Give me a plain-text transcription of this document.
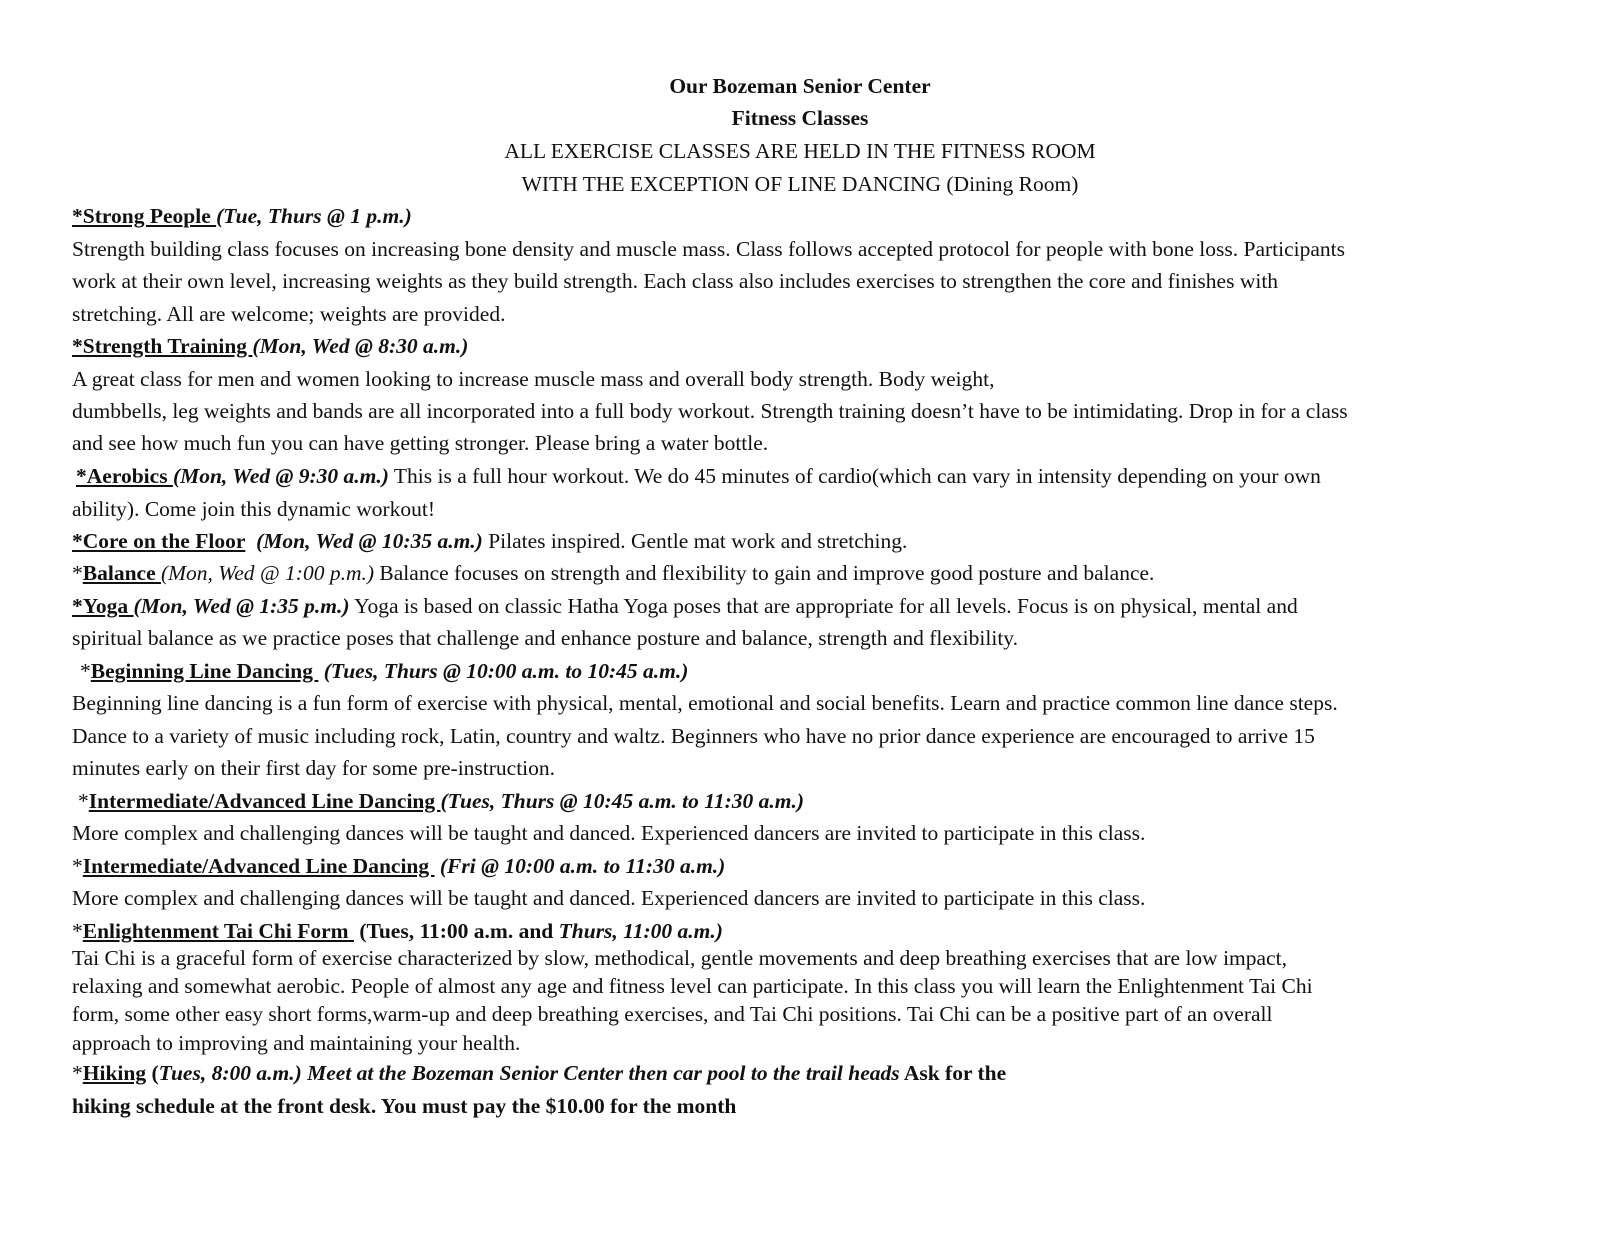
Our Bozeman Senior Center
Fitness Classes
ALL EXERCISE CLASSES ARE HELD IN THE FITNESS ROOM
WITH THE EXCEPTION OF LINE DANCING (Dining Room)
*Strong People (Tue, Thurs @ 1 p.m.)
Strength building class focuses on increasing bone density and muscle mass. Class follows accepted protocol for people with bone loss. Participants
work at their own level, increasing weights as they build strength. Each class also includes exercises to strengthen the core and finishes with
stretching. All are welcome; weights are provided.
*Strength Training (Mon, Wed @ 8:30 a.m.)
A great class for men and women looking to increase muscle mass and overall body strength. Body weight,
dumbbells, leg weights and bands are all incorporated into a full body workout. Strength training doesn’t have to be intimidating. Drop in for a class
and see how much fun you can have getting stronger. Please bring a water bottle.
*Aerobics (Mon, Wed @ 9:30 a.m.) This is a full hour workout. We do 45 minutes of cardio(which can vary in intensity depending on your own
ability). Come join this dynamic workout!
*Core on the Floor (Mon, Wed @ 10:35 a.m.) Pilates inspired. Gentle mat work and stretching.
*Balance (Mon, Wed @ 1:00 p.m.) Balance focuses on strength and flexibility to gain and improve good posture and balance.
*Yoga (Mon, Wed @ 1:35 p.m.) Yoga is based on classic Hatha Yoga poses that are appropriate for all levels. Focus is on physical, mental and
spiritual balance as we practice poses that challenge and enhance posture and balance, strength and flexibility.
*Beginning Line Dancing  (Tues, Thurs @ 10:00 a.m. to 10:45 a.m.)
Beginning line dancing is a fun form of exercise with physical, mental, emotional and social benefits. Learn and practice common line dance steps.
Dance to a variety of music including rock, Latin, country and waltz. Beginners who have no prior dance experience are encouraged to arrive 15
minutes early on their first day for some pre-instruction.
*Intermediate/Advanced Line Dancing (Tues, Thurs @ 10:45 a.m. to 11:30 a.m.)
More complex and challenging dances will be taught and danced. Experienced dancers are invited to participate in this class.
*Intermediate/Advanced Line Dancing  (Fri @ 10:00 a.m. to 11:30 a.m.)
More complex and challenging dances will be taught and danced. Experienced dancers are invited to participate in this class.
*Enlightenment Tai Chi Form  (Tues, 11:00 a.m. and Thurs, 11:00 a.m.)
Tai Chi is a graceful form of exercise characterized by slow, methodical, gentle movements and deep breathing exercises that are low impact,
relaxing and somewhat aerobic. People of almost any age and fitness level can participate. In this class you will learn the Enlightenment Tai Chi
form, some other easy short forms,warm-up and deep breathing exercises, and Tai Chi positions. Tai Chi can be a positive part of an overall
approach to improving and maintaining your health.
*Hiking (Tues, 8:00 a.m.) Meet at the Bozeman Senior Center then car pool to the trail heads Ask for the
hiking schedule at the front desk. You must pay the $10.00 for the month
